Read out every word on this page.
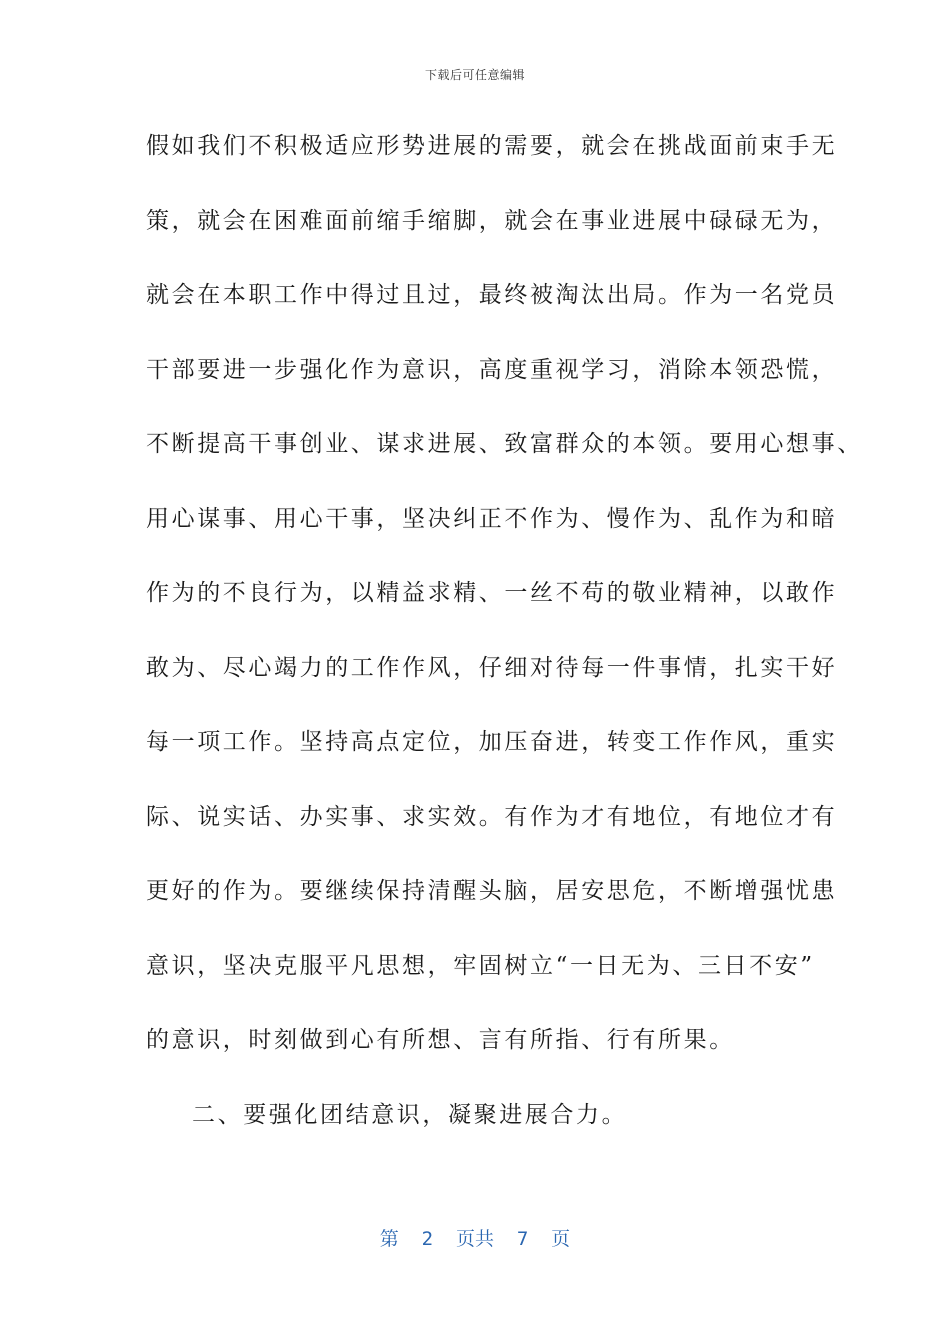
下载后可任意编辑
假如我们不积极适应形势进展的需要，就会在挑战面前束手无
策，就会在困难面前缩手缩脚，就会在事业进展中碌碌无为，
就会在本职工作中得过且过，最终被淘汰出局。作为一名党员
干部要进一步强化作为意识，高度重视学习，消除本领恐慌，
不断提高干事创业、谋求进展、致富群众的本领。要用心想事、
用心谋事、用心干事，坚决纠正不作为、慢作为、乱作为和暗
作为的不良行为，以精益求精、一丝不苟的敬业精神，以敢作
敢为、尽心竭力的工作作风，仔细对待每一件事情，扎实干好
每一项工作。坚持高点定位，加压奋进，转变工作作风，重实
际、说实话、办实事、求实效。有作为才有地位，有地位才有
更好的作为。要继续保持清醒头脑，居安思危，不断增强忧患
意识，坚决克服平凡思想，牢固树立“一日无为、三日不安”
的意识，时刻做到心有所想、言有所指、行有所果。
二、要强化团结意识，凝聚进展合力。
第  2  页共  7  页
